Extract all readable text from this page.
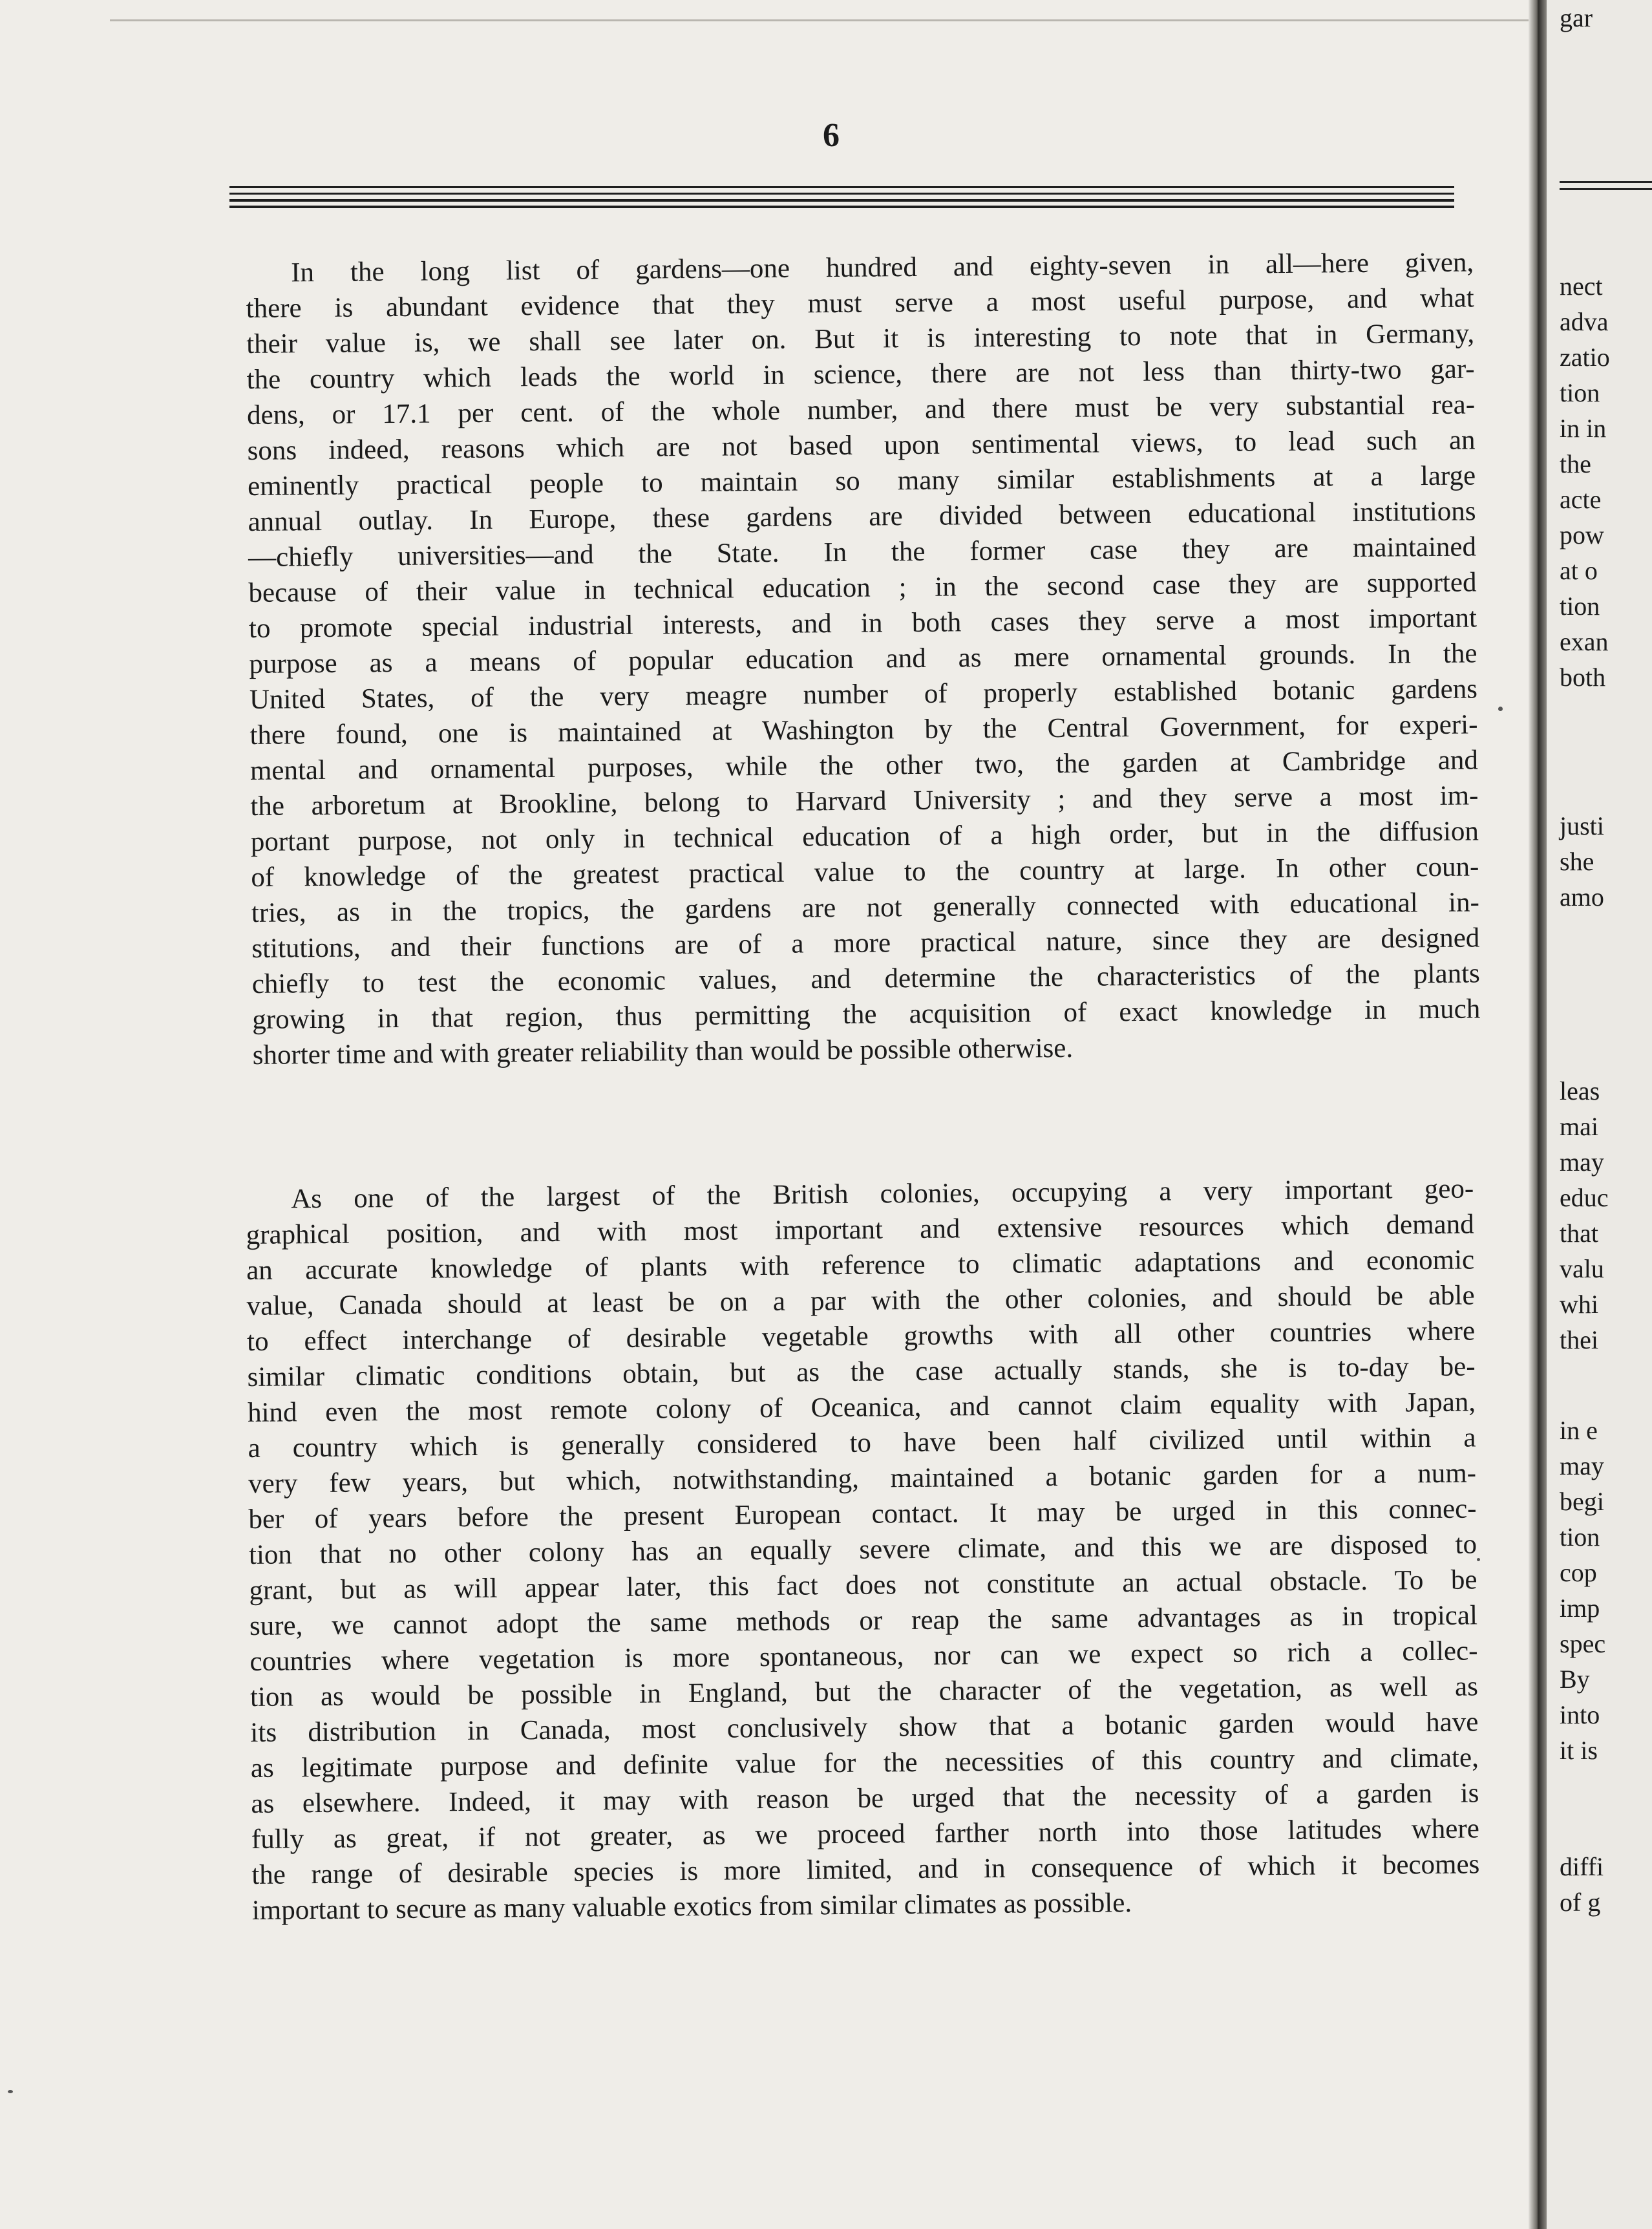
6
In the long list of gardens—one hundred and eighty-seven in all—here given,
there is abundant evidence that they must serve a most useful purpose, and what
their value is, we shall see later on. But it is interesting to note that in Germany,
the country which leads the world in science, there are not less than thirty-two gar-
dens, or 17.1 per cent. of the whole number, and there must be very substantial rea-
sons indeed, reasons which are not based upon sentimental views, to lead such an
eminently practical people to maintain so many similar establishments at a large
annual outlay. In Europe, these gardens are divided between educational institutions
—chiefly universities—and the State. In the former case they are maintained
because of their value in technical education ; in the second case they are supported
to promote special industrial interests, and in both cases they serve a most important
purpose as a means of popular education and as mere ornamental grounds. In the
United States, of the very meagre number of properly established botanic gardens
there found, one is maintained at Washington by the Central Government, for experi-
mental and ornamental purposes, while the other two, the garden at Cambridge and
the arboretum at Brookline, belong to Harvard University ; and they serve a most im-
portant purpose, not only in technical education of a high order, but in the diffusion
of knowledge of the greatest practical value to the country at large. In other coun-
tries, as in the tropics, the gardens are not generally connected with educational in-
stitutions, and their functions are of a more practical nature, since they are designed
chiefly to test the economic values, and determine the characteristics of the plants
growing in that region, thus permitting the acquisition of exact knowledge in much
shorter time and with greater reliability than would be possible otherwise.
As one of the largest of the British colonies, occupying a very important geo-
graphical position, and with most important and extensive resources which demand
an accurate knowledge of plants with reference to climatic adaptations and economic
value, Canada should at least be on a par with the other colonies, and should be able
to effect interchange of desirable vegetable growths with all other countries where
similar climatic conditions obtain, but as the case actually stands, she is to-day be-
hind even the most remote colony of Oceanica, and cannot claim equality with Japan,
a country which is generally considered to have been half civilized until within a
very few years, but which, notwithstanding, maintained a botanic garden for a num-
ber of years before the present European contact. It may be urged in this connec-
tion that no other colony has an equally severe climate, and this we are disposed to
grant, but as will appear later, this fact does not constitute an actual obstacle. To be
sure, we cannot adopt the same methods or reap the same advantages as in tropical
countries where vegetation is more spontaneous, nor can we expect so rich a collec-
tion as would be possible in England, but the character of the vegetation, as well as
its distribution in Canada, most conclusively show that a botanic garden would have
as legitimate purpose and definite value for the necessities of this country and climate,
as elsewhere. Indeed, it may with reason be urged that the necessity of a garden is
fully as great, if not greater, as we proceed farther north into those latitudes where
the range of desirable species is more limited, and in consequence of which it becomes
important to secure as many valuable exotics from similar climates as possible.
nect
adva
zatio
tion
in in
the
acte
pow
at o
tion
exan
both
justi
she
amo
leas
mai
may
educ
that
valu
whi
thei
in e
may
begi
tion
cop
imp
spec
By
into
it is
diffi
of g
gar
